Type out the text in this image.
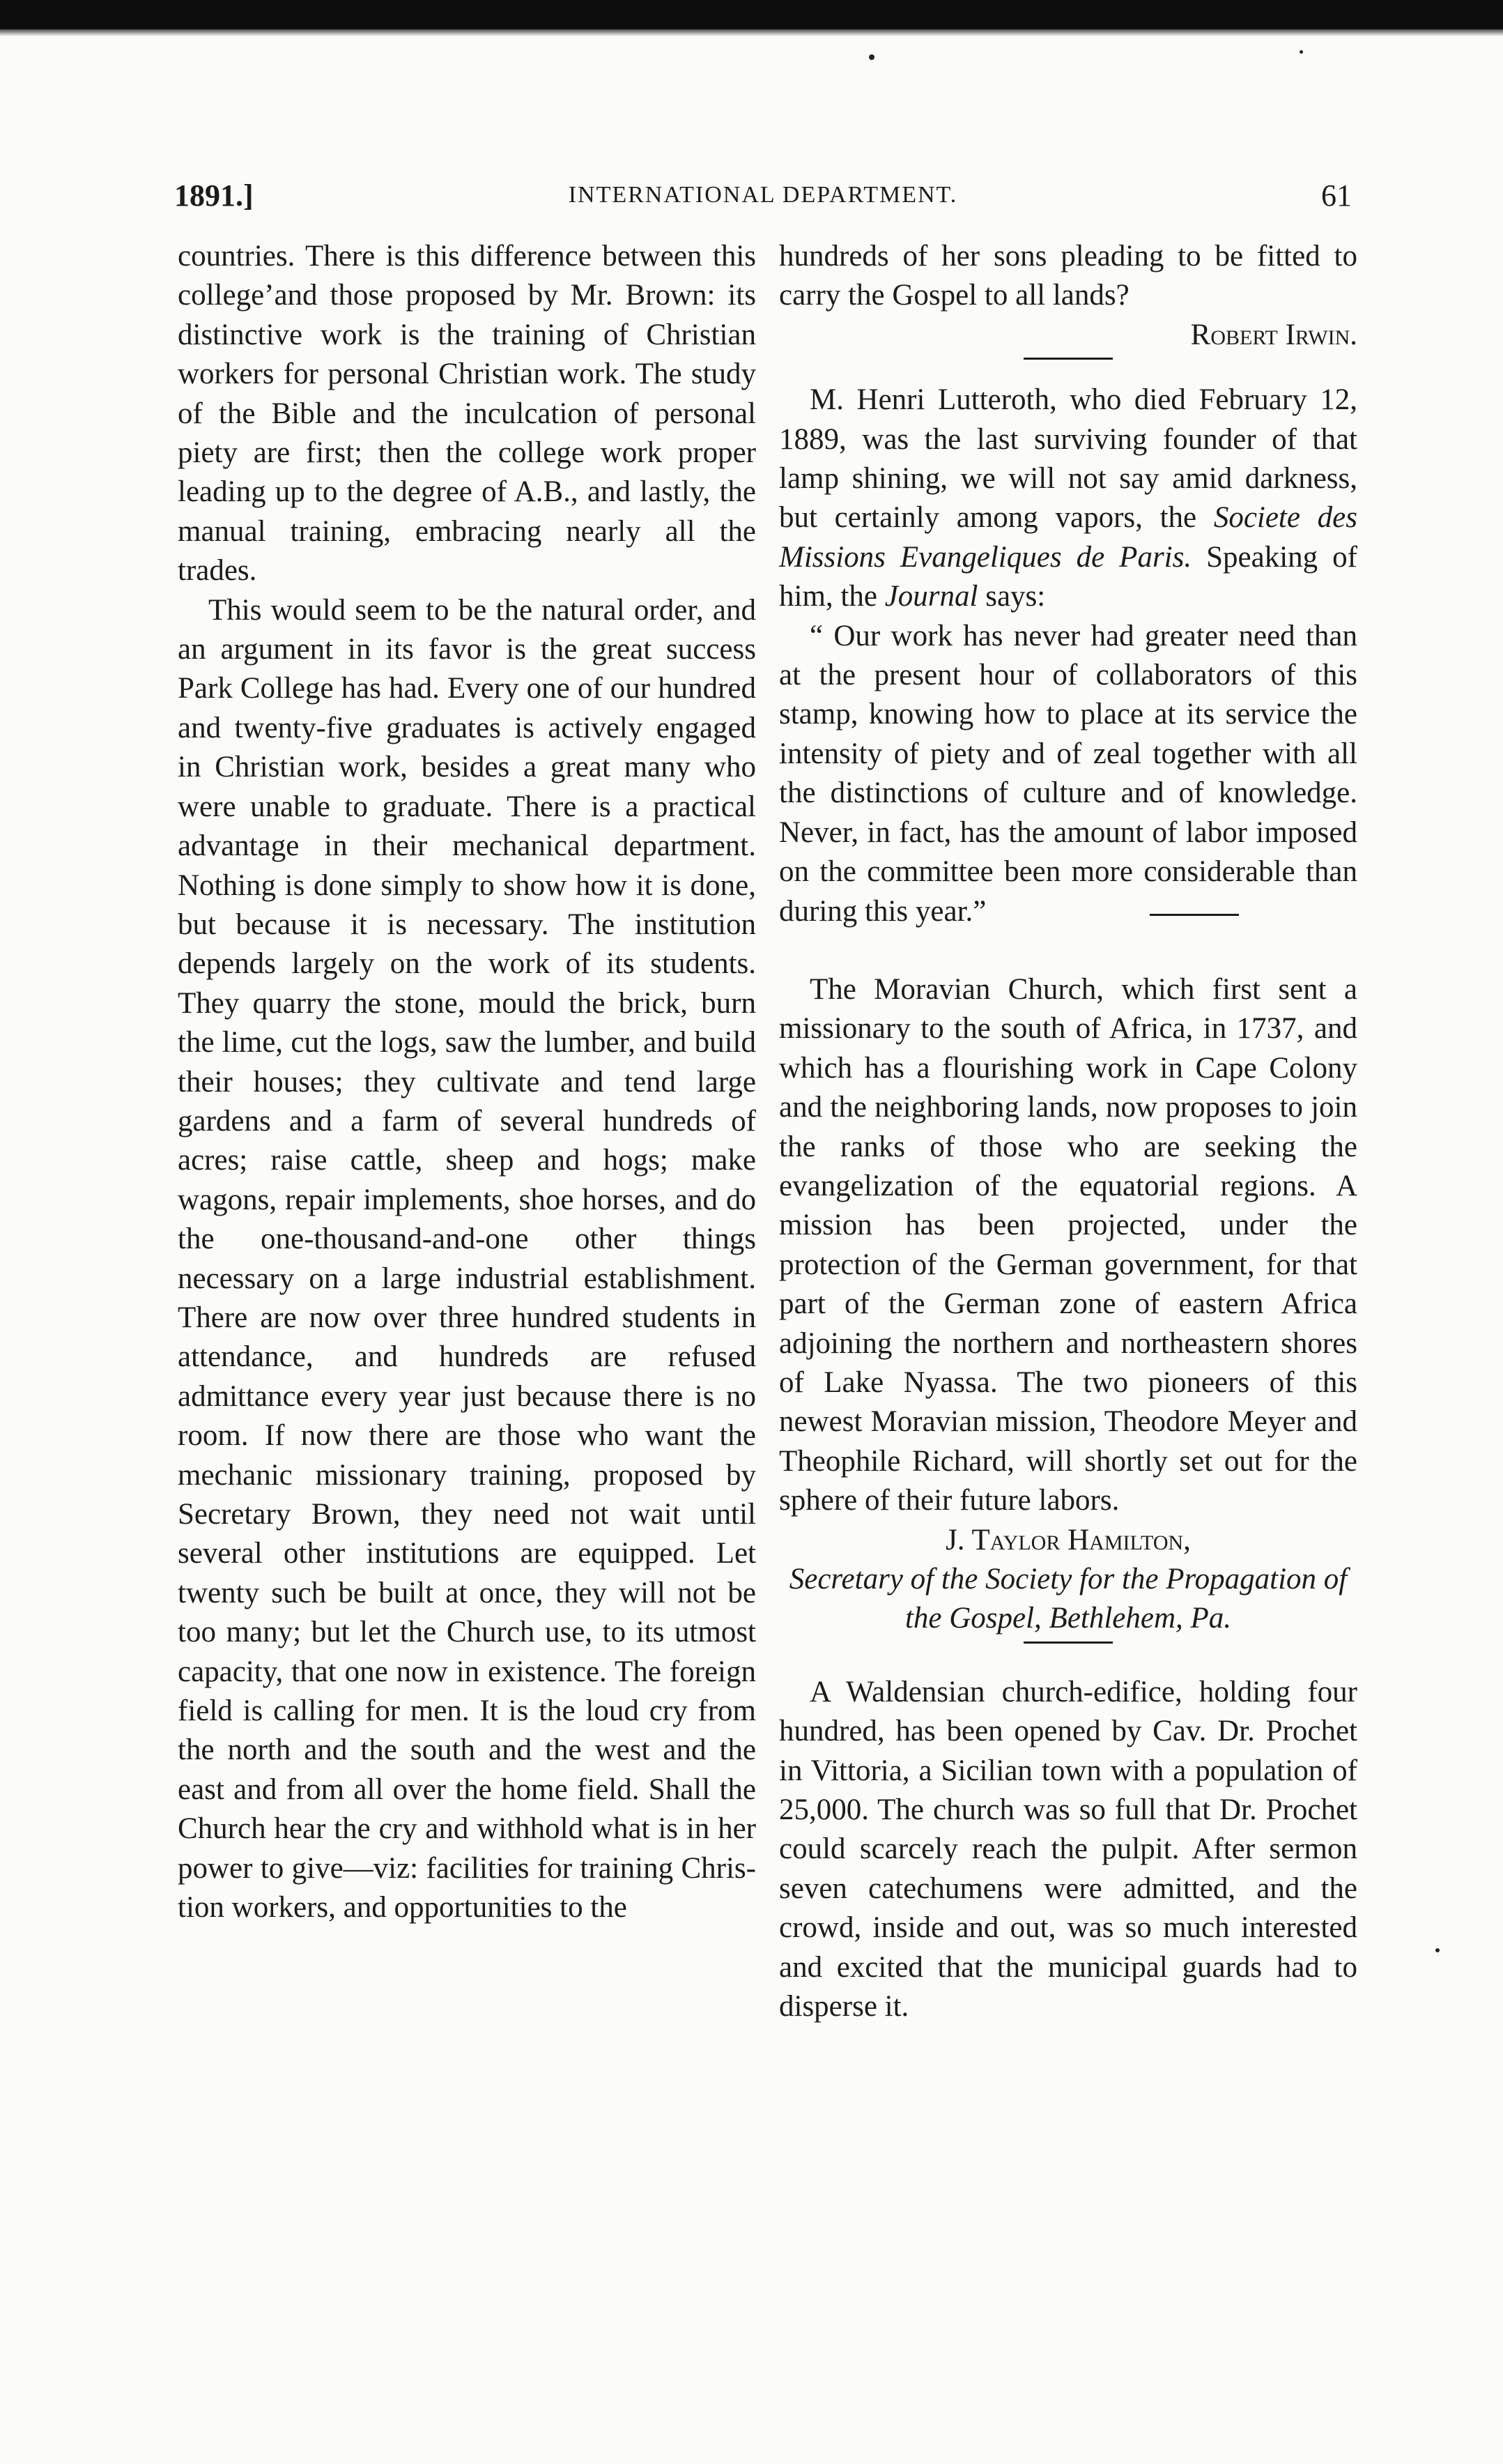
1891.]	INTERNATIONAL DEPARTMENT.	61

countries. There is this difference between this college’and those proposed by Mr. Brown: its distinctive work is the training of Christian workers for personal Christian work. The study of the Bible and the inculcation of personal piety are first; then the college work proper leading up to the degree of A.B., and lastly, the manual training, embracing nearly all the trades.

This would seem to be the natural order, and an argument in its favor is the great success Park College has had. Every one of our hundred and twenty-five graduates is actively engaged in Christian work, besides a great many who were unable to graduate. There is a practical advantage in their mechanical department. Nothing is done simply to show how it is done, but because it is necessary. The institution depends largely on the work of its students. They quarry the stone, mould the brick, burn the lime, cut the logs, saw the lumber, and build their houses; they cultivate and tend large gardens and a farm of several hundreds of acres; raise cattle, sheep and hogs; make wagons, repair implements, shoe horses, and do the one-thousand-and-one other things necessary on a large industrial establishment. There are now over three hundred students in attendance, and hundreds are refused admittance every year just because there is no room. If now there are those who want the mechanic missionary training, proposed by Secretary Brown, they need not wait until several other institutions are equipped. Let twenty such be built at once, they will not be too many; but let the Church use, to its utmost capacity, that one now in existence. The foreign field is calling for men. It is the loud cry from the north and the south and the west and the east and from all over the home field. Shall the Church hear the cry and withhold what is in her power to give—viz: facilities for training Christion workers, and opportunities to the

hundreds of her sons pleading to be fitted to carry the Gospel to all lands?

Robert Irwin.

M. Henri Lutteroth, who died February 12, 1889, was the last surviving founder of that lamp shining, we will not say amid darkness, but certainly among vapors, the Societe des Missions Evangeliques de Paris. Speaking of him, the Journal says:

“ Our work has never had greater need than at the present hour of collaborators of this stamp, knowing how to place at its service the intensity of piety and of zeal together with all the distinctions of culture and of knowledge. Never, in fact, has the amount of labor imposed on the committee been more considerable than during this year.”

The Moravian Church, which first sent a missionary to the south of Africa, in 1737, and which has a flourishing work in Cape Colony and the neighboring lands, now proposes to join the ranks of those who are seeking the evangelization of the equatorial regions. A mission has been projected, under the protection of the German government, for that part of the German zone of eastern Africa adjoining the northern and northeastern shores of Lake Nyassa. The two pioneers of this newest Moravian mission, Theodore Meyer and Theophile Richard, will shortly set out for the sphere of their future labors.

J. Taylor Hamilton,

Secretary of the Society for the Propagation of the Gospel, Bethlehem, Pa.

A Waldensian church-edifice, holding four hundred, has been opened by Cav. Dr. Prochet in Vittoria, a Sicilian town with a population of 25,000. The church was so full that Dr. Prochet could scarcely reach the pulpit. After sermon seven catechumens were admitted, and the crowd, inside and out, was so much interested and excited that the municipal guards had to disperse it.
